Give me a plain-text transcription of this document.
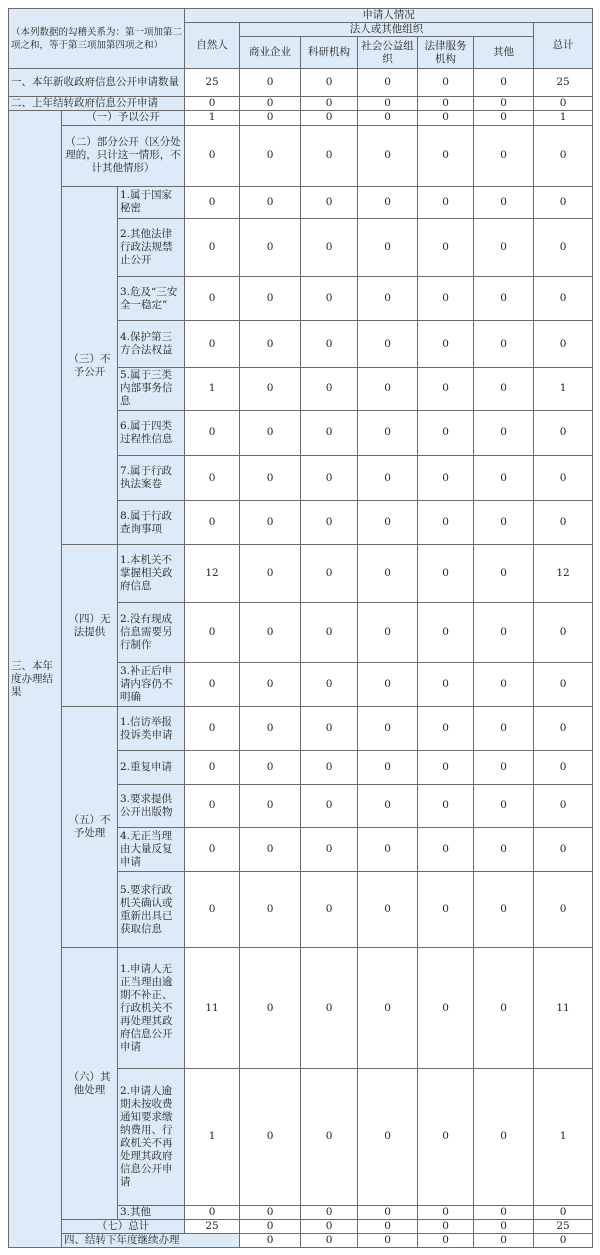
（本列数据的勾稽关系为：第一项加第二项之和，等于第三项加第四项之和）			申请人情况							
			自然人	法人或其他组织					总计	
				商业企业	科研机构	社会公益组织	法律服务机构	其他		
一、本年新收政府信息公开申请数量			25	0	0	0	0	0	25	
二、上年结转政府信息公开申请			0	0	0	0	0	0	0	
三、本年度办理结果	（一）予以公开		1	0	0	0	0	0	1	
	（二）部分公开（区分处理的，只计这一情形，不计其他情形）		0	0	0	0	0	0	0	
	（三）不予公开	1.属于国家秘密	0	0	0	0	0	0	0	
		2.其他法律行政法规禁止公开	0	0	0	0	0	0	0	
		3.危及“三安全一稳定”	0	0	0	0	0	0	0	
		4.保护第三方合法权益	0	0	0	0	0	0	0	
		5.属于三类内部事务信息	1	0	0	0	0	0	1	
		6.属于四类过程性信息	0	0	0	0	0	0	0	
		7.属于行政执法案卷	0	0	0	0	0	0	0	
		8.属于行政查询事项	0	0	0	0	0	0	0	
	（四）无法提供	1.本机关不掌握相关政府信息	12	0	0	0	0	0	12	
		2.没有现成信息需要另行制作	0	0	0	0	0	0	0	
		3.补正后申请内容仍不明确	0	0	0	0	0	0	0	
	（五）不予处理	1.信访举报投诉类申请	0	0	0	0	0	0	0	
		2.重复申请	0	0	0	0	0	0	0	
		3.要求提供公开出版物	0	0	0	0	0	0	0	
		4.无正当理由大量反复申请	0	0	0	0	0	0	0	
		5.要求行政机关确认或重新出具已获取信息	0	0	0	0	0	0	0	
	（六）其他处理	1.申请人无正当理由逾期不补正、行政机关不再处理其政府信息公开申请	11	0	0	0	0	0	11	
		2.申请人逾期未按收费通知要求缴纳费用、行政机关不再处理其政府信息公开申请	1	0	0	0	0	0	1	
		3.其他	0	0	0	0	0	0	0	
	（七）总计		25	0	0	0	0	0	25	
	四、结转下年度继续办理			0	0	0	0	0	0	
